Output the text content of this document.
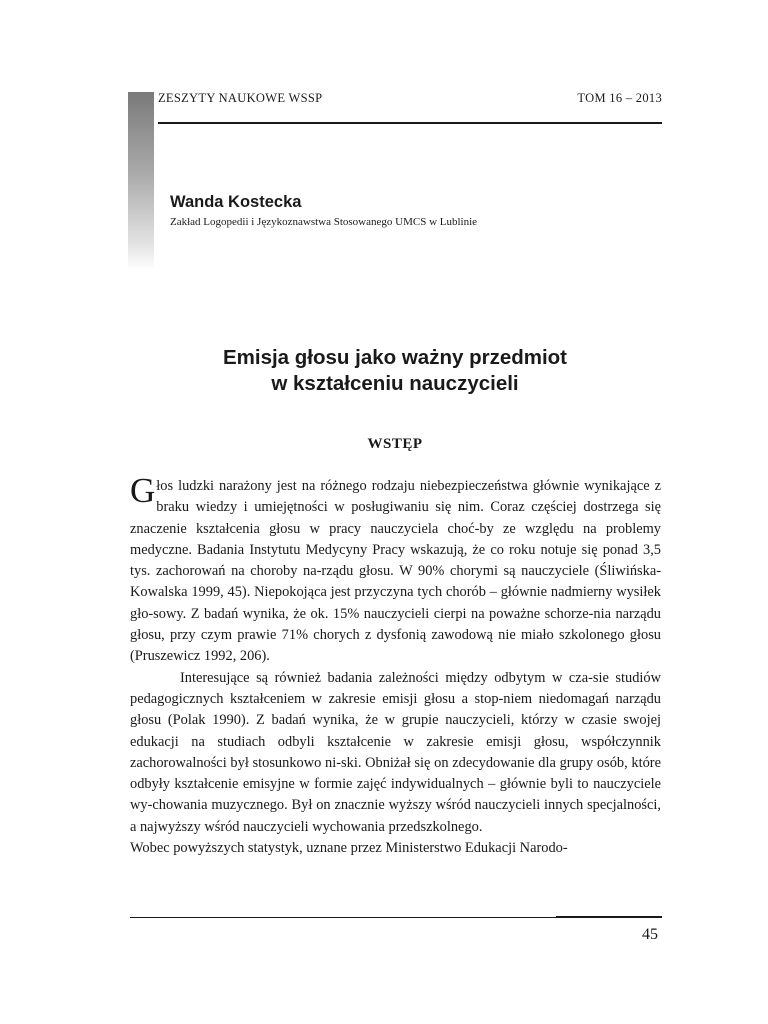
ZESZYTY NAUKOWE WSSP	TOM 16 – 2013
Wanda Kostecka
Zakład Logopedii i Językoznawstwa Stosowanego UMCS w Lublinie
Emisja głosu jako ważny przedmiot
w kształceniu nauczycieli
WSTĘP

Głos ludzki narażony jest na różnego rodzaju niebezpieczeństwa głównie wynikające z braku wiedzy i umiejętności w posługiwaniu się nim. Coraz częściej dostrzega się znaczenie kształcenia głosu w pracy nauczyciela choć-by ze względu na problemy medyczne. Badania Instytutu Medycyny Pracy wskazują, że co roku notuje się ponad 3,5 tys. zachorowań na choroby na-rządu głosu. W 90% chorymi są nauczyciele (Śliwińska-Kowalska 1999, 45). Niepokojąca jest przyczyna tych chorób – głównie nadmierny wysiłek gło-sowy. Z badań wynika, że ok. 15% nauczycieli cierpi na poważne schorze-nia narządu głosu, przy czym prawie 71% chorych z dysfonią zawodową nie miało szkolonego głosu (Pruszewicz 1992, 206).

Interesujące są również badania zależności między odbytym w cza-sie studiów pedagogicznych kształceniem w zakresie emisji głosu a stop-niem niedomagań narządu głosu (Polak 1990). Z badań wynika, że w grupie nauczycieli, którzy w czasie swojej edukacji na studiach odbyli kształcenie w zakresie emisji głosu, współczynnik zachorowalności był stosunkowo ni-ski. Obniżał się on zdecydowanie dla grupy osób, które odbyły kształcenie emisyjne w formie zajęć indywidualnych – głównie byli to nauczyciele wy-chowania muzycznego. Był on znacznie wyższy wśród nauczycieli innych specjalności, a najwyższy wśród nauczycieli wychowania przedszkolnego.

Wobec powyższych statystyk, uznane przez Ministerstwo Edukacji Narodo-

45
